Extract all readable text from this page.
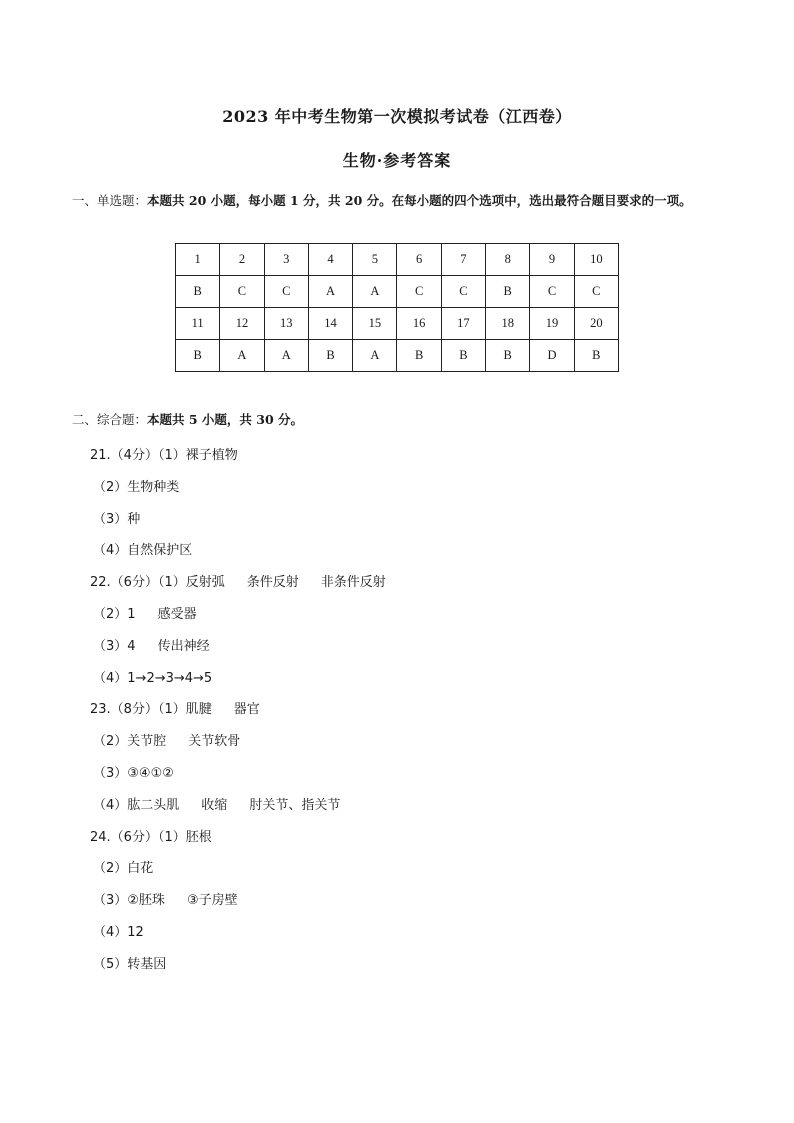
2023 年中考生物第一次模拟考试卷（江西卷）
生物·参考答案
一、单选题：本题共 20 小题，每小题 1 分，共 20 分。在每小题的四个选项中，选出最符合题目要求的一项。
1	2	3	4	5	6	7	8	9	10
B	C	C	A	A	C	C	B	C	C
11	12	13	14	15	16	17	18	19	20
B	A	A	B	A	B	B	B	D	B
二、综合题：本题共 5 小题，共 30 分。
21.（4分）（1）裸子植物
（2）生物种类
（3）种
（4）自然保护区
22.（6分）（1）反射弧 条件反射 非条件反射
（2）1 感受器
（3）4 传出神经
（4）1→2→3→4→5
23.（8分）（1）肌腱 器官
（2）关节腔 关节软骨
（3）③④①②
（4）肱二头肌 收缩 肘关节、指关节
24.（6分）（1）胚根
（2）白花
（3）②胚珠 ③子房壁
（4）12
（5）转基因
